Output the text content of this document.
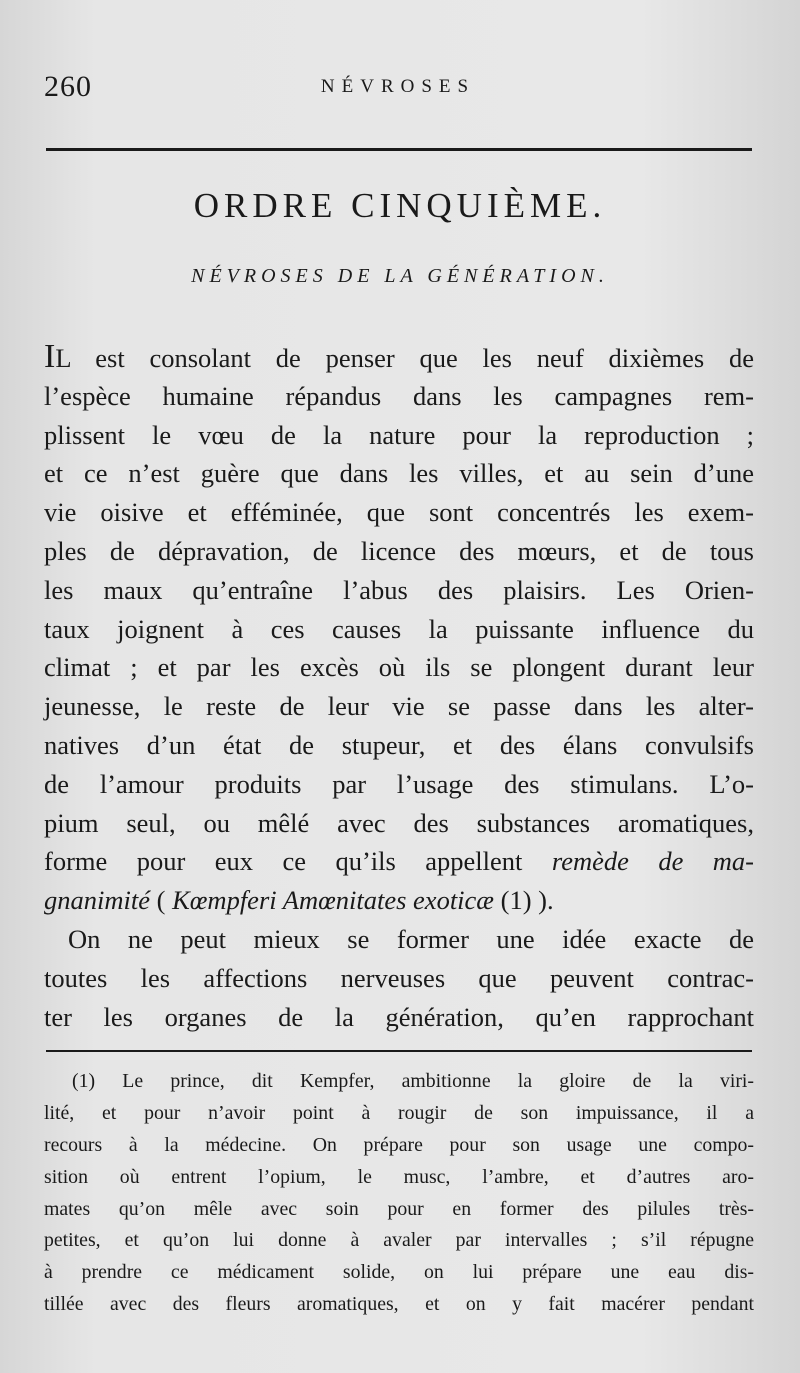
260	NÉVROSES
ORDRE CINQUIÈME.
NÉVROSES DE LA GÉNÉRATION.
IL est consolant de penser que les neuf dixièmes de
l’espèce humaine répandus dans les campagnes rem-
plissent le vœu de la nature pour la reproduction ;
et ce n’est guère que dans les villes, et au sein d’une
vie oisive et efféminée, que sont concentrés les exem-
ples de dépravation, de licence des mœurs, et de tous
les maux qu’entraîne l’abus des plaisirs. Les Orien-
taux joignent à ces causes la puissante influence du
climat ; et par les excès où ils se plongent durant leur
jeunesse, le reste de leur vie se passe dans les alter-
natives d’un état de stupeur, et des élans convulsifs
de l’amour produits par l’usage des stimulans. L’o-
pium seul, ou mêlé avec des substances aromatiques,
forme pour eux ce qu’ils appellent remède de ma-
gnanimité ( Kœmpferi Amœnitates exoticæ (1) ).
On ne peut mieux se former une idée exacte de
toutes les affections nerveuses que peuvent contrac-
ter les organes de la génération, qu’en rapprochant
(1) Le prince, dit Kempfer, ambitionne la gloire de la viri-
lité, et pour n’avoir point à rougir de son impuissance, il a
recours à la médecine. On prépare pour son usage une compo-
sition où entrent l’opium, le musc, l’ambre, et d’autres aro-
mates qu’on mêle avec soin pour en former des pilules très-
petites, et qu’on lui donne à avaler par intervalles ; s’il répugne
à prendre ce médicament solide, on lui prépare une eau dis-
tillée avec des fleurs aromatiques, et on y fait macérer pendant
